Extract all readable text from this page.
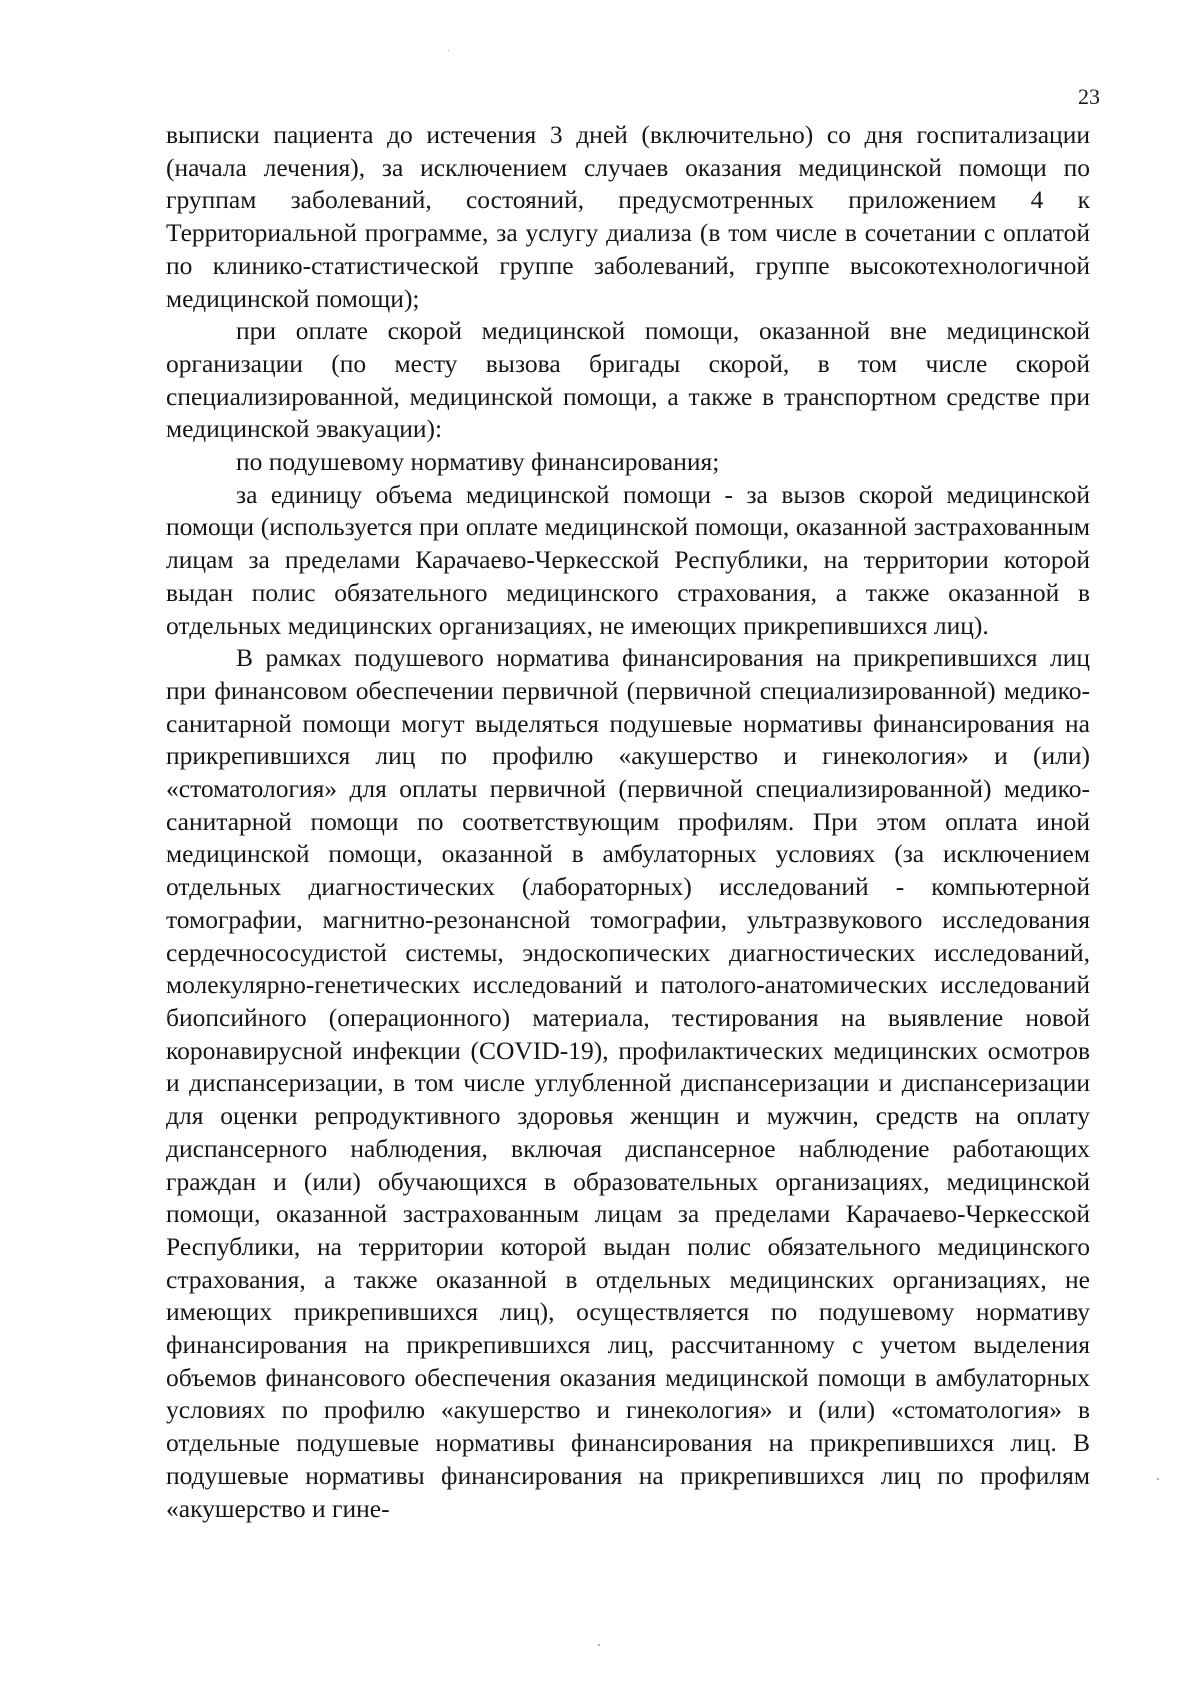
23

выписки пациента до истечения 3 дней (включительно) со дня госпитализации (начала лечения), за исключением случаев оказания медицинской помощи по группам заболеваний, состояний, предусмотренных приложением 4 к Территориальной программе, за услугу диализа (в том числе в сочетании с оплатой по клинико-статистической группе заболеваний, группе высокотехнологичной медицинской помощи);

при оплате скорой медицинской помощи, оказанной вне медицинской организации (по месту вызова бригады скорой, в том числе скорой специализированной, медицинской помощи, а также в транспортном средстве при медицинской эвакуации):

по подушевому нормативу финансирования;

за единицу объема медицинской помощи - за вызов скорой медицинской помощи (используется при оплате медицинской помощи, оказанной застрахованным лицам за пределами Карачаево-Черкесской Республики, на территории которой выдан полис обязательного медицинского страхования, а также оказанной в отдельных медицинских организациях, не имеющих прикрепившихся лиц).

В рамках подушевого норматива финансирования на прикрепившихся лиц при финансовом обеспечении первичной (первичной специализированной) медико-санитарной помощи могут выделяться подушевые нормативы финансирования на прикрепившихся лиц по профилю «акушерство и гинекология» и (или) «стоматология» для оплаты первичной (первичной специализированной) медико-санитарной помощи по соответствующим профилям. При этом оплата иной медицинской помощи, оказанной в амбулаторных условиях (за исключением отдельных диагностических (лабораторных) исследований - компьютерной томографии, магнитно-резонансной томографии, ультразвукового исследования сердечнососудистой системы, эндоскопических диагностических исследований, молекулярно-генетических исследований и патолого-анатомических исследований биопсийного (операционного) материала, тестирования на выявление новой коронавирусной инфекции (COVID-19), профилактических медицинских осмотров и диспансеризации, в том числе углубленной диспансеризации и диспансеризации для оценки репродуктивного здоровья женщин и мужчин, средств на оплату диспансерного наблюдения, включая диспансерное наблюдение работающих граждан и (или) обучающихся в образовательных организациях, медицинской помощи, оказанной застрахованным лицам за пределами Карачаево-Черкесской Республики, на территории которой выдан полис обязательного медицинского страхования, а также оказанной в отдельных медицинских организациях, не имеющих прикрепившихся лиц), осуществляется по подушевому нормативу финансирования на прикрепившихся лиц, рассчитанному с учетом выделения объемов финансового обеспечения оказания медицинской помощи в амбулаторных условиях по профилю «акушерство и гинекология» и (или) «стоматология» в отдельные подушевые нормативы финансирования на прикрепившихся лиц. В подушевые нормативы финансирования на прикрепившихся лиц по профилям «акушерство и гине-
